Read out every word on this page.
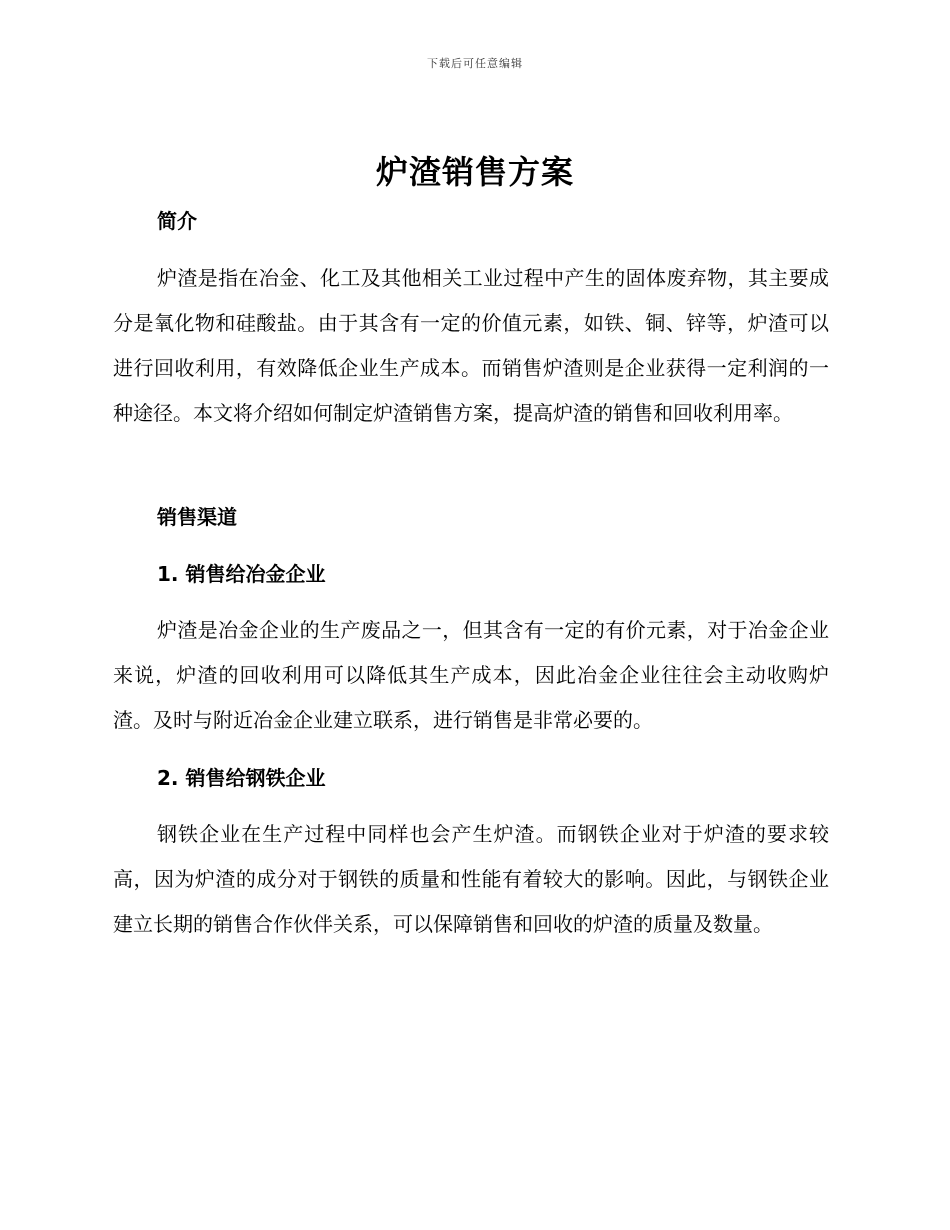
下载后可任意编辑
炉渣销售方案
简介

炉渣是指在冶金、化工及其他相关工业过程中产生的固体废弃物，其主要成分是氧化物和硅酸盐。由于其含有一定的价值元素，如铁、铜、锌等，炉渣可以进行回收利用，有效降低企业生产成本。而销售炉渣则是企业获得一定利润的一种途径。本文将介绍如何制定炉渣销售方案，提高炉渣的销售和回收利用率。

销售渠道
1. 销售给冶金企业

炉渣是冶金企业的生产废品之一，但其含有一定的有价元素，对于冶金企业来说，炉渣的回收利用可以降低其生产成本，因此冶金企业往往会主动收购炉渣。及时与附近冶金企业建立联系，进行销售是非常必要的。

2. 销售给钢铁企业

钢铁企业在生产过程中同样也会产生炉渣。而钢铁企业对于炉渣的要求较高，因为炉渣的成分对于钢铁的质量和性能有着较大的影响。因此，与钢铁企业建立长期的销售合作伙伴关系，可以保障销售和回收的炉渣的质量及数量。
